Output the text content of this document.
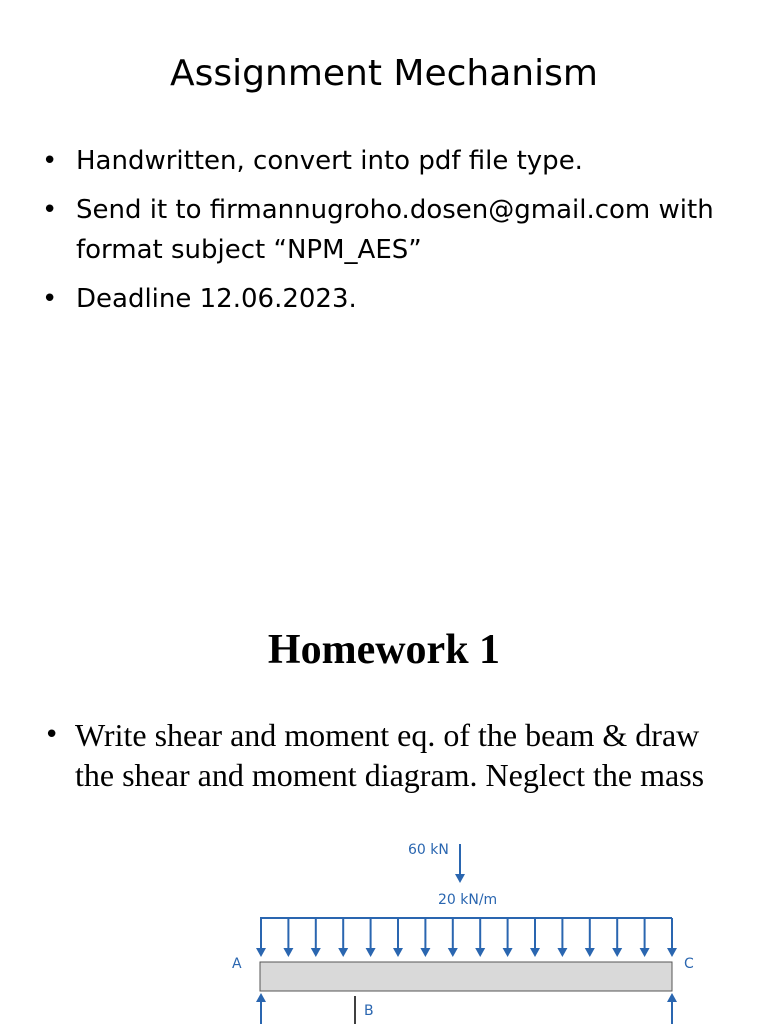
Assignment Mechanism
• Handwritten, convert into pdf file type.
• Send it to firmannugroho.dosen@gmail.com with format subject “NPM_AES”
• Deadline 12.06.2023.
Homework 1
• Write shear and moment eq. of the beam & draw the shear and moment diagram. Neglect the mass
60 kN
20 kN/m
A	C
B
